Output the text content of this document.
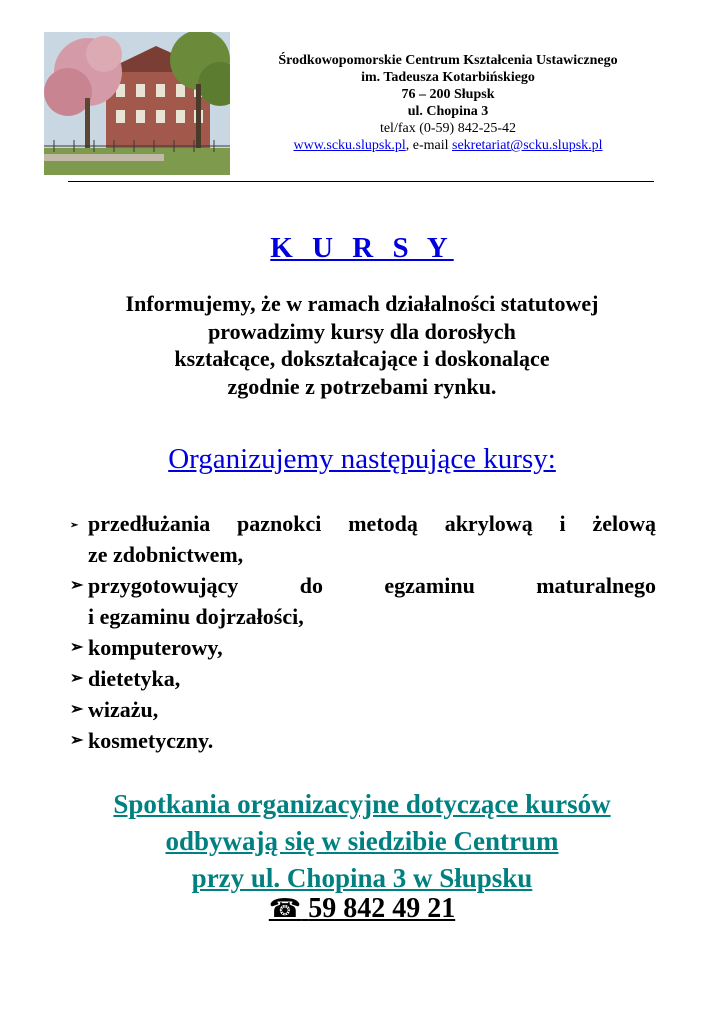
Środkowopomorskie Centrum Kształcenia Ustawicznego
im. Tadeusza Kotarbińskiego
76 – 200 Słupsk
ul. Chopina 3
tel/fax (0-59) 842-25-42
www.scku.slupsk.pl, e-mail sekretariat@scku.slupsk.pl
K U R S Y
Informujemy, że w ramach działalności statutowej
prowadzimy kursy dla dorosłych
kształcące, dokształcające i doskonalące
zgodnie z potrzebami rynku.
Organizujemy następujące kursy:
➢ przedłużania paznokci metodą akrylową i żelową
ze zdobnictwem,
➢ przygotowujący do egzaminu maturalnego
i egzaminu dojrzałości,
➢ komputerowy,
➢ dietetyka,
➢ wizażu,
➢ kosmetyczny.
Spotkania organizacyjne dotyczące kursów
odbywają się w siedzibie Centrum
przy ul. Chopina 3 w Słupsku
☎ 59 842 49 21
